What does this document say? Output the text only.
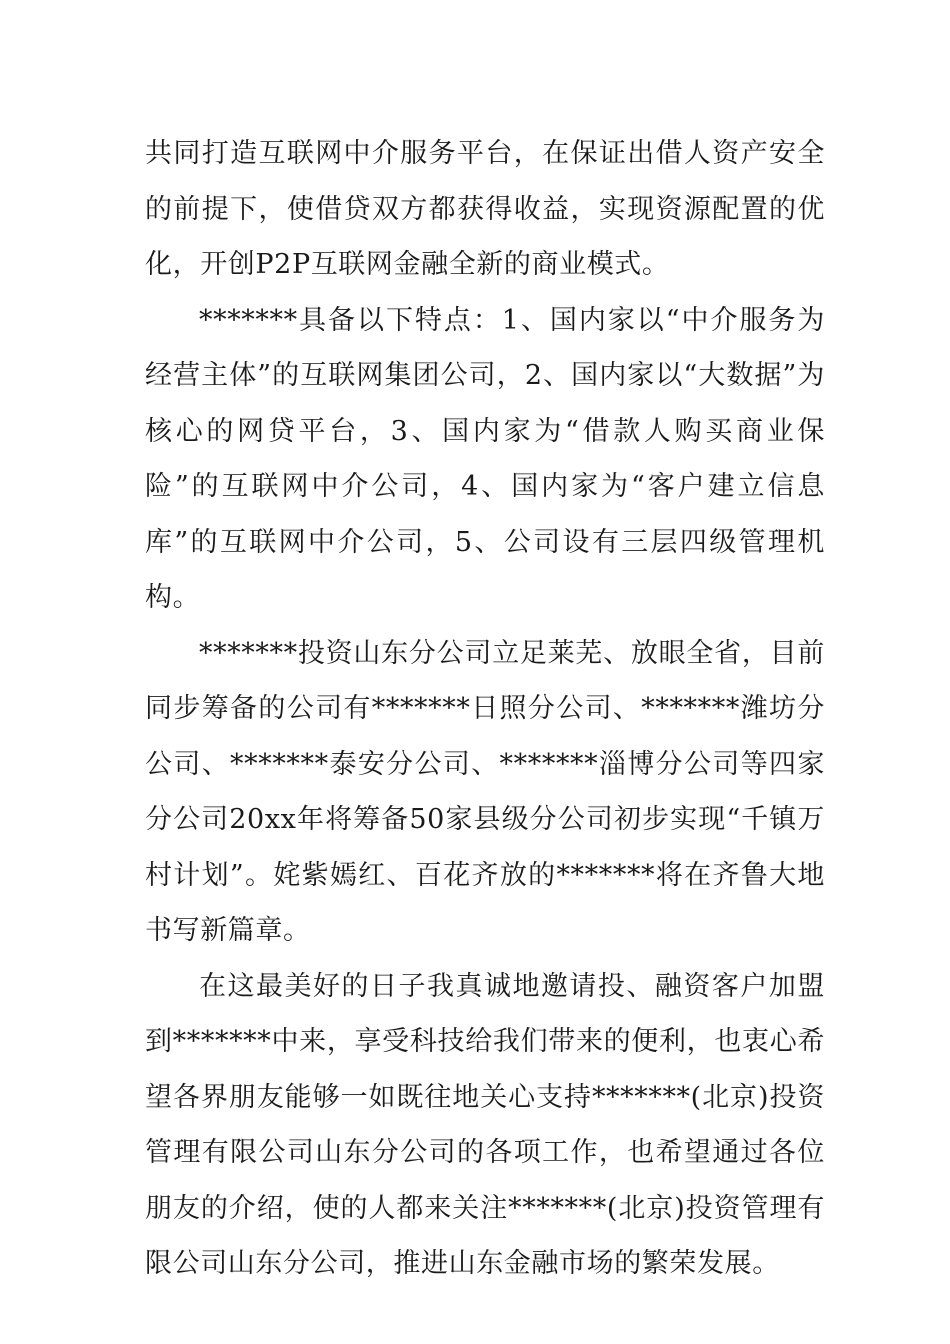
共同打造互联网中介服务平台，在保证出借人资产安全的前提下，使借贷双方都获得收益，实现资源配置的优化，开创P2P互联网金融全新的商业模式。

*******具备以下特点：1、国内家以“中介服务为经营主体”的互联网集团公司，2、国内家以“大数据”为核心的网贷平台，3、国内家为“借款人购买商业保险”的互联网中介公司，4、国内家为“客户建立信息库”的互联网中介公司，5、公司设有三层四级管理机构。

*******投资山东分公司立足莱芜、放眼全省，目前同步筹备的公司有*******日照分公司、*******潍坊分公司、*******泰安分公司、*******淄博分公司等四家分公司20xx年将筹备50家县级分公司初步实现“千镇万村计划”。姹紫嫣红、百花齐放的*******将在齐鲁大地书写新篇章。

在这最美好的日子我真诚地邀请投、融资客户加盟到*******中来，享受科技给我们带来的便利，也衷心希望各界朋友能够一如既往地关心支持*******(北京)投资管理有限公司山东分公司的各项工作，也希望通过各位朋友的介绍，使的人都来关注*******(北京)投资管理有限公司山东分公司，推进山东金融市场的繁荣发展。
